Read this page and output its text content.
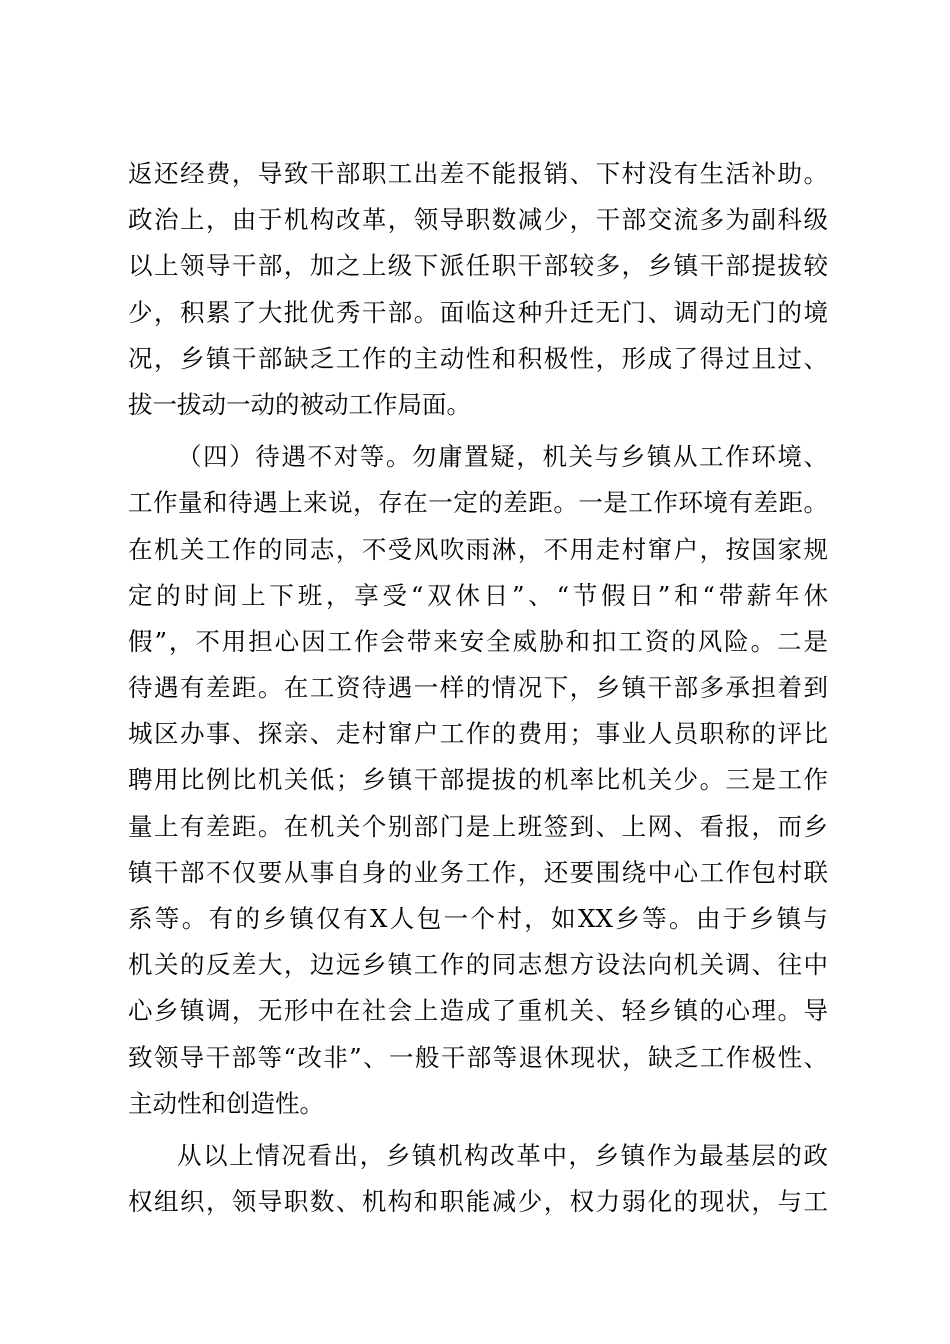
返还经费，导致干部职工出差不能报销、下村没有生活补助。
政治上，由于机构改革，领导职数减少，干部交流多为副科级
以上领导干部，加之上级下派任职干部较多，乡镇干部提拔较
少，积累了大批优秀干部。面临这种升迁无门、调动无门的境
况，乡镇干部缺乏工作的主动性和积极性，形成了得过且过、
拔一拔动一动的被动工作局面。
（四）待遇不对等。勿庸置疑，机关与乡镇从工作环境、
工作量和待遇上来说，存在一定的差距。一是工作环境有差距。
在机关工作的同志，不受风吹雨淋，不用走村窜户，按国家规
定的时间上下班，享受“双休日”、“节假日”和“带薪年休
假”，不用担心因工作会带来安全威胁和扣工资的风险。二是
待遇有差距。在工资待遇一样的情况下，乡镇干部多承担着到
城区办事、探亲、走村窜户工作的费用；事业人员职称的评比
聘用比例比机关低；乡镇干部提拔的机率比机关少。三是工作
量上有差距。在机关个别部门是上班签到、上网、看报，而乡
镇干部不仅要从事自身的业务工作，还要围绕中心工作包村联
系等。有的乡镇仅有X人包一个村，如XX乡等。由于乡镇与
机关的反差大，边远乡镇工作的同志想方设法向机关调、往中
心乡镇调，无形中在社会上造成了重机关、轻乡镇的心理。导
致领导干部等“改非”、一般干部等退休现状，缺乏工作极性、
主动性和创造性。
从以上情况看出，乡镇机构改革中，乡镇作为最基层的政
权组织，领导职数、机构和职能减少，权力弱化的现状，与工
